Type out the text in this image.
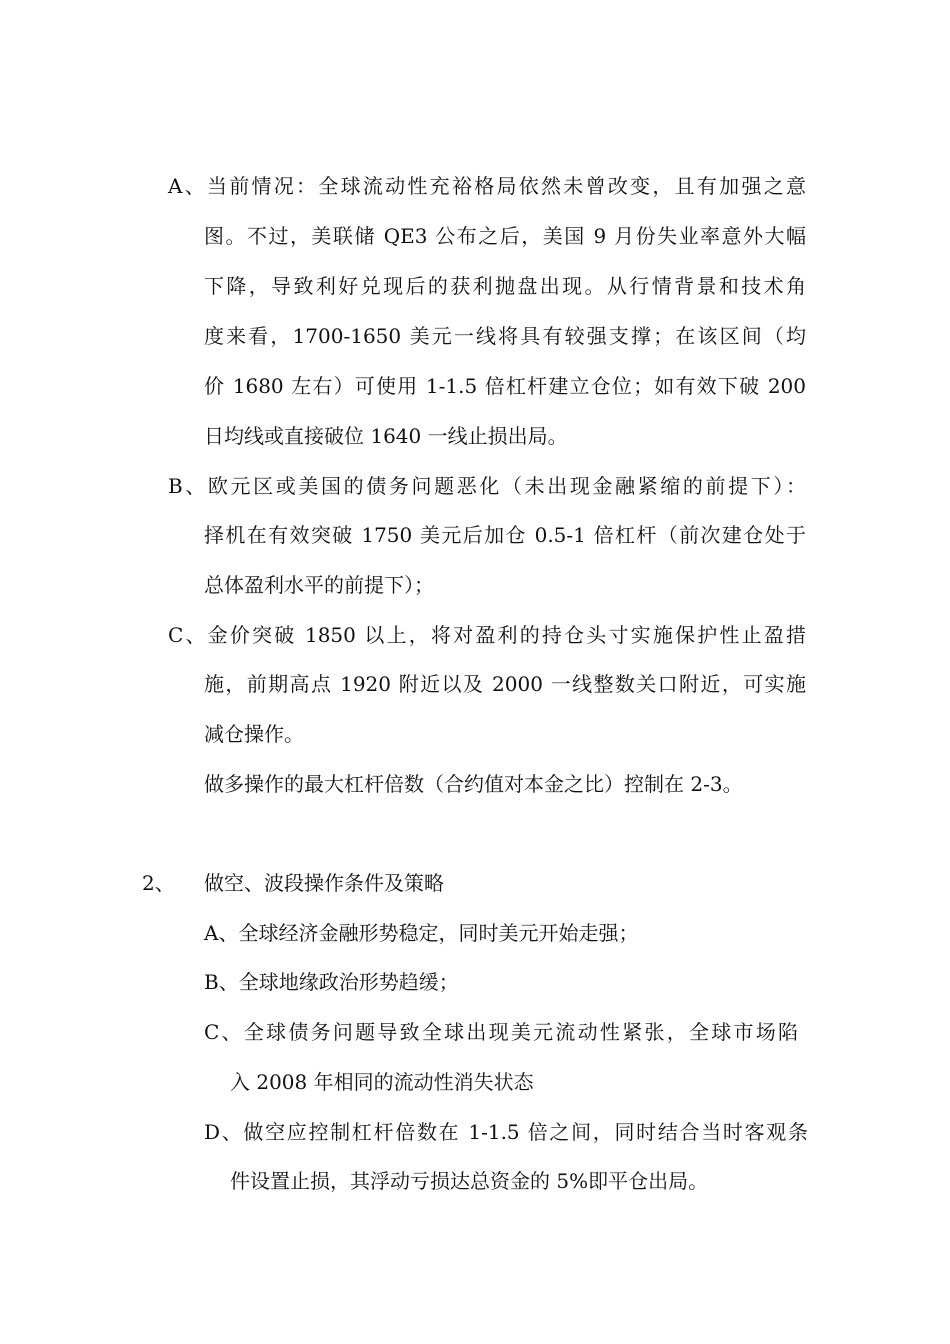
A、当前情况：全球流动性充裕格局依然未曾改变，且有加强之意
图。不过，美联储 QE3 公布之后，美国 9 月份失业率意外大幅
下降，导致利好兑现后的获利抛盘出现。从行情背景和技术角
度来看，1700-1650 美元一线将具有较强支撑；在该区间（均
价 1680 左右）可使用 1-1.5 倍杠杆建立仓位；如有效下破 200
日均线或直接破位 1640 一线止损出局。
B、欧元区或美国的债务问题恶化（未出现金融紧缩的前提下）：
择机在有效突破 1750 美元后加仓 0.5-1 倍杠杆（前次建仓处于
总体盈利水平的前提下）；
C、金价突破 1850 以上，将对盈利的持仓头寸实施保护性止盈措
施，前期高点 1920 附近以及 2000 一线整数关口附近，可实施
减仓操作。
做多操作的最大杠杆倍数（合约值对本金之比）控制在 2-3。
2、 做空、波段操作条件及策略
A、全球经济金融形势稳定，同时美元开始走强；
B、全球地缘政治形势趋缓；
C、全球债务问题导致全球出现美元流动性紧张，全球市场陷
入 2008 年相同的流动性消失状态
D、做空应控制杠杆倍数在 1-1.5 倍之间，同时结合当时客观条
件设置止损，其浮动亏损达总资金的 5%即平仓出局。
